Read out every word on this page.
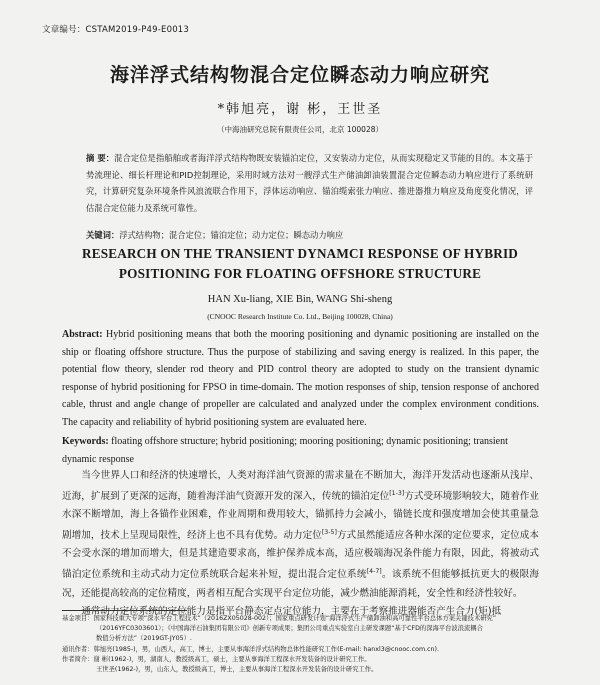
文章编号：CSTAM2019-P49-E0013
海洋浮式结构物混合定位瞬态动力响应研究
*韩旭亮，谢 彬，王世圣
（中海油研究总院有限责任公司，北京 100028）
摘 要：混合定位是指船舶或者海洋浮式结构物既安装锚泊定位，又安装动力定位，从而实现稳定又节能的目的。本文基于势流理论、细长杆理论和PID控制理论，采用时域方法对一艘浮式生产储油卸油装置混合定位瞬态动力响应进行了系统研究，计算研究复杂环境条件风浪流联合作用下，浮体运动响应、锚泊缆索张力响应、推进器推力响应及角度变化情况，评估混合定位能力及系统可靠性。
关键词：浮式结构物；混合定位；锚泊定位；动力定位；瞬态动力响应
RESEARCH ON THE TRANSIENT DYNAMCI RESPONSE OF HYBRID POSITIONING FOR FLOATING OFFSHORE STRUCTURE
HAN Xu-liang, XIE Bin, WANG Shi-sheng
(CNOOC Research Institute Co. Ltd., Beijing 100028, China)
Abstract: Hybrid positioning means that both the mooring positioning and dynamic positioning are installed on the ship or floating offshore structure. Thus the purpose of stabilizing and saving energy is realized. In this paper, the potential flow theory, slender rod theory and PID control theory are adopted to study on the transient dynamic response of hybrid positioning for FPSO in time-domain. The motion responses of ship, tension response of anchored cable, thrust and angle change of propeller are calculated and analyzed under the complex environment conditions. The capacity and reliability of hybrid positioning system are evaluated here.
Keywords: floating offshore structure; hybrid positioning; mooring positioning; dynamic positioning; transient dynamic response

当今世界人口和经济的快速增长，人类对海洋油气资源的需求量在不断加大，海洋开发活动也逐渐从浅岸、近海，扩展到了更深的远海，随着海洋油气资源开发的深入，传统的锚泊定位[1-3]方式受环境影响较大，随着作业水深不断增加，海上各锚作业困难，作业周期和费用较大，锚抓持力会减小，锚链长度和强度增加会使其重量急剧增加，技术上呈现局限性，经济上也不具有优势。动力定位[3-5]方式虽然能适应各种水深的定位要求，定位成本不会受水深的增加而增大，但是其建造要求高，维护保养成本高，适应极端海况条件能力有限，因此，将被动式锚泊定位系统和主动式动力定位系统联合起来补短，提出混合定位系统[4-7]。该系统不但能够抵抗更大的极限海况，还能提高较高的定位精度，两者相互配合实现平台定位功能，减少燃油能源消耗，安全性和经济性较好。

通常动力定位系统的定位能力是指平台静态定点定位能力，主要在于考察推进器能否产生合力(矩)抵

基金项目：国家科技重大专项“深水平台工程技术”（2016ZX05028-002）；国家重点研发计划“海洋浮式生产储卸油和高可靠性平台总体方案关键技术研究”
（2016YFC0303601）；《中国海洋石油集团有限公司》创新专项成果；集团公司重点实验室自主研发课题“基于CFD的深海平台波浪流耦合
数值分析方法”（2019GT-JY05）.
通讯作者：韩旭亮(1985-)，男，山西人，高工，博士，主要从事海洋浮式结构物总体性能研究工作(E-mail: hanxl3@cnooc.com.cn).
作者简介：谢 彬(1962-)，男，湖南人，教授级高工，硕士，主要从事海洋工程深水开发装备的设计研究工作。
王世圣(1962-)，男，山东人，教授级高工，博士，主要从事海洋工程深水开发装备的设计研究工作。
